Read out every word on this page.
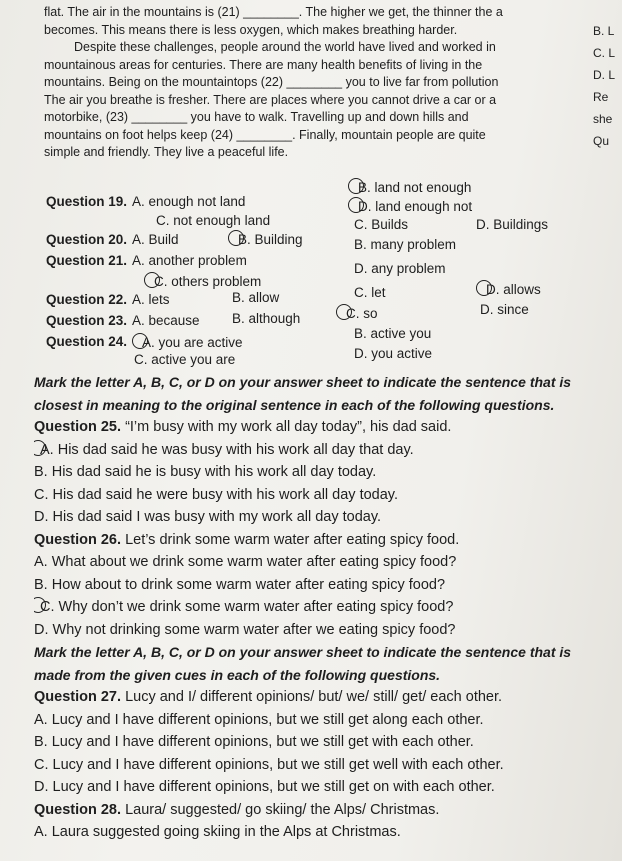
flat. The air in the mountains is (21) ________. The higher we get, the thinner the a
becomes. This means there is less oxygen, which makes breathing harder.
Despite these challenges, people around the world have lived and worked in
mountainous areas for centuries. There are many health benefits of living in the
mountains. Being on the mountaintops (22) ________ you to live far from pollution
The air you breathe is fresher. There are places where you cannot drive a car or a
motorbike, (23) ________ you have to walk. Travelling up and down hills and
mountains on foot helps keep (24) ________. Finally, mountain people are quite
simple and friendly. They live a peaceful life.
B. L
C. L
D. L
Re
she
Qu
Question 19. A. enough not land
B. land not enough
C. not enough land
D. land enough not
Question 20. A. Build	B. Building
C. Builds	D. Buildings
Question 21. A. another problem
B. many problem
C. others problem
D. any problem
Question 22. A. lets	B. allow	C. let	D. allows
Question 23. A. because B. although	C. so	D. since
Question 24.	A. you are active
B. active you
C. active you are	D. you active
Mark the letter A, B, C, or D on your answer sheet to indicate the sentence that is
closest in meaning to the original sentence in each of the following questions.
Question 25. “I’m busy with my work all day today”, his dad said.
A. His dad said he was busy with his work all day that day.
B. His dad said he is busy with his work all day today.
C. His dad said he were busy with his work all day today.
D. His dad said I was busy with my work all day today.
Question 26. Let’s drink some warm water after eating spicy food.
A. What about we drink some warm water after eating spicy food?
B. How about to drink some warm water after eating spicy food?
C. Why don’t we drink some warm water after eating spicy food?
D. Why not drinking some warm water after we eating spicy food?
Mark the letter A, B, C, or D on your answer sheet to indicate the sentence that is
made from the given cues in each of the following questions.
Question 27. Lucy and I/ different opinions/ but/ we/ still/ get/ each other.
A. Lucy and I have different opinions, but we still get along each other.
B. Lucy and I have different opinions, but we still get with each other.
C. Lucy and I have different opinions, but we still get well with each other.
D. Lucy and I have different opinions, but we still get on with each other.
Question 28. Laura/ suggested/ go skiing/ the Alps/ Christmas.
A. Laura suggested going skiing in the Alps at Christmas.
